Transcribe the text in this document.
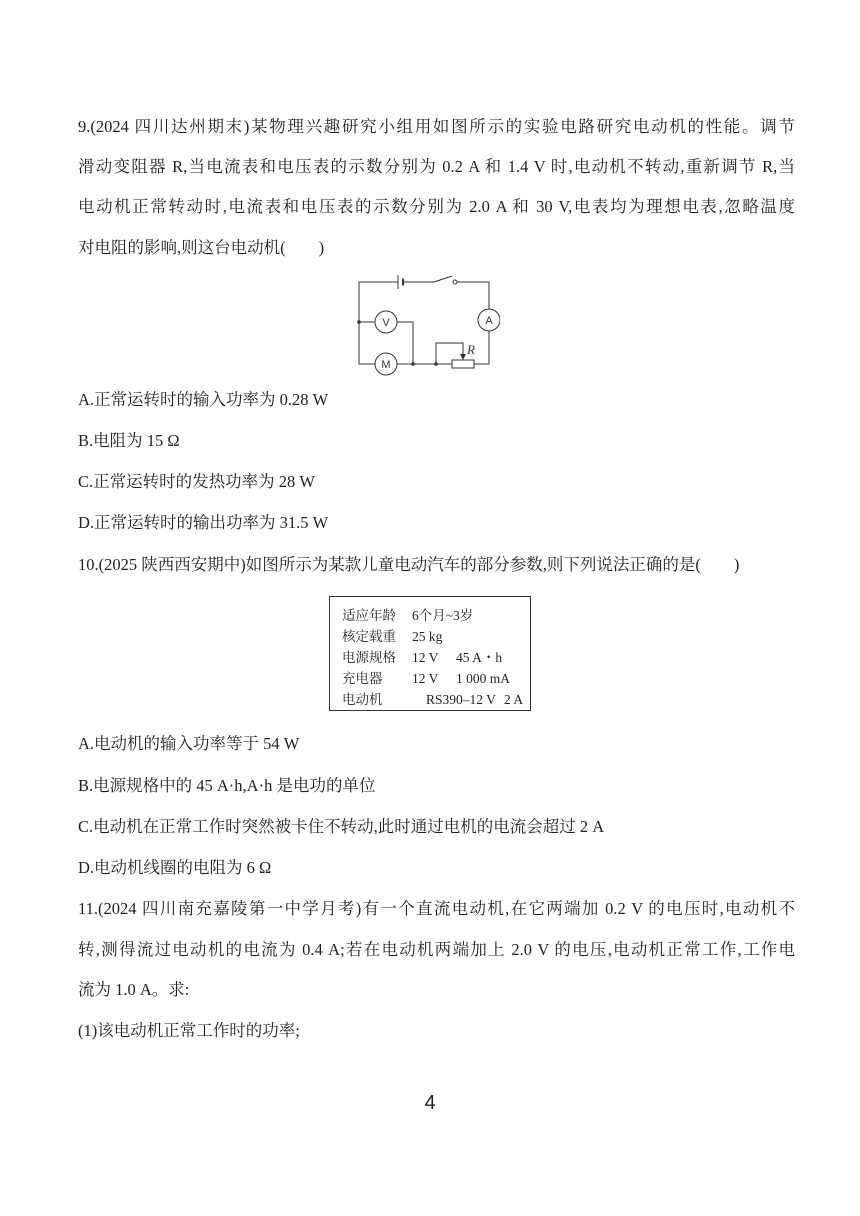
9.(2024 四川达州期末)某物理兴趣研究小组用如图所示的实验电路研究电动机的性能。调节
滑动变阻器 R,当电流表和电压表的示数分别为 0.2 A 和 1.4 V 时,电动机不转动,重新调节 R,当
电动机正常转动时,电流表和电压表的示数分别为 2.0 A 和 30 V,电表均为理想电表,忽略温度
对电阻的影响,则这台电动机(        )
A
V
M
R
A.正常运转时的输入功率为 0.28 W
B.电阻为 15 Ω
C.正常运转时的发热功率为 28 W
D.正常运转时的输出功率为 31.5 W
10.(2025 陕西西安期中)如图所示为某款儿童电动汽车的部分参数,则下列说法正确的是(        )
适应年龄 6个月~3岁
核定载重 25 kg
电源规格 12 V 45 A・h
充电器 12 V 1 000 mA
电动机	RS390–12 V 2 A
A.电动机的输入功率等于 54 W
B.电源规格中的 45 A·h,A·h 是电功的单位
C.电动机在正常工作时突然被卡住不转动,此时通过电机的电流会超过 2 A
D.电动机线圈的电阻为 6 Ω
11.(2024 四川南充嘉陵第一中学月考)有一个直流电动机,在它两端加 0.2 V 的电压时,电动机不
转,测得流过电动机的电流为 0.4 A;若在电动机两端加上 2.0 V 的电压,电动机正常工作,工作电
流为 1.0 A。求:
(1)该电动机正常工作时的功率;
4
